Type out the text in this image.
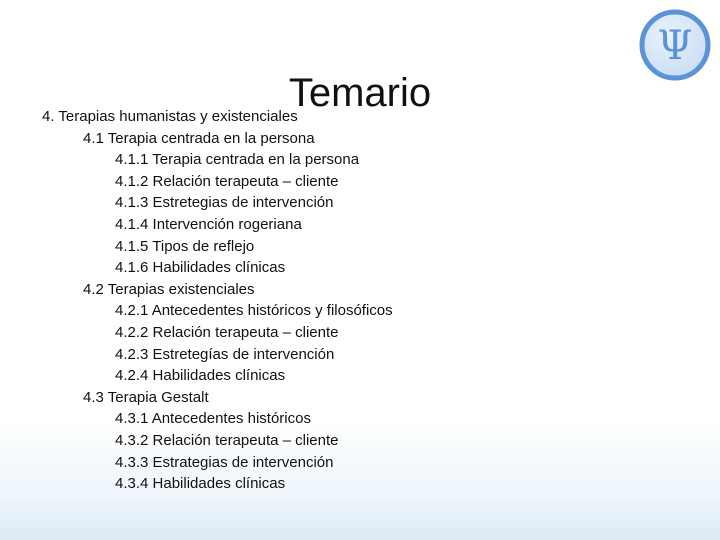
Ψ
Temario
4. Terapias humanistas y existenciales
4.1 Terapia centrada en la persona
4.1.1 Terapia centrada en la persona
4.1.2 Relación terapeuta – cliente
4.1.3 Estretegias de intervención
4.1.4 Intervención rogeriana
4.1.5 Tipos de reflejo
4.1.6 Habilidades clínicas
4.2 Terapias existenciales
4.2.1 Antecedentes históricos y filosóficos
4.2.2 Relación terapeuta – cliente
4.2.3 Estretegías de intervención
4.2.4 Habilidades clínicas
4.3 Terapia Gestalt
4.3.1 Antecedentes históricos
4.3.2 Relación terapeuta – cliente
4.3.3 Estrategias de intervención
4.3.4 Habilidades clínicas
